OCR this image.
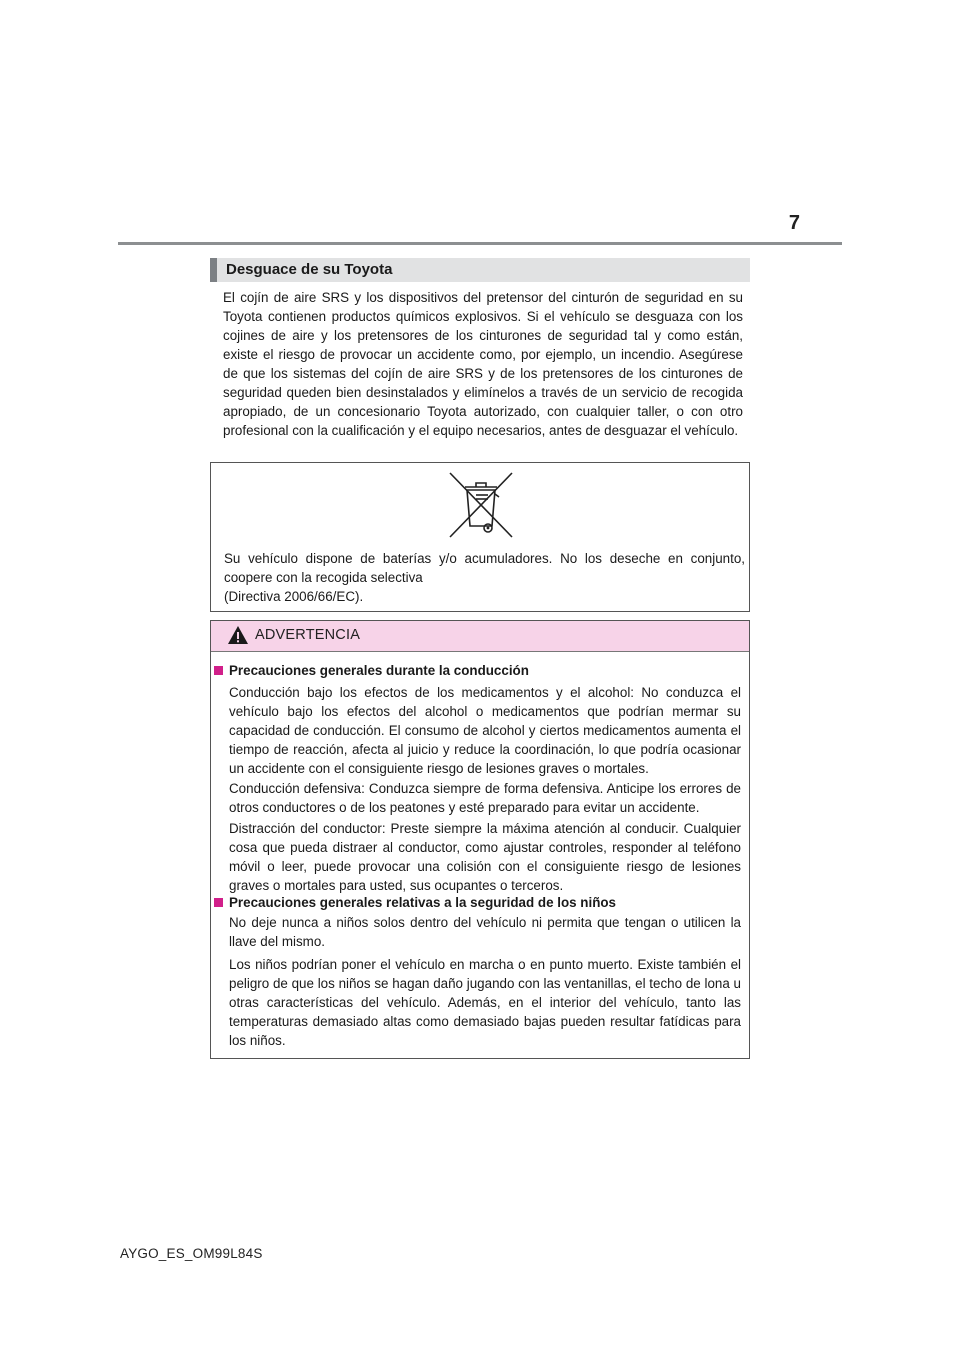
7
Desguace de su Toyota

El cojín de aire SRS y los dispositivos del pretensor del cinturón de seguridad en su Toyota contienen productos químicos explosivos. Si el vehículo se desguaza con los cojines de aire y los pretensores de los cinturones de seguridad tal y como están, existe el riesgo de provocar un accidente como, por ejemplo, un incendio. Asegúrese de que los sistemas del cojín de aire SRS y de los pretensores de los cinturones de seguridad queden bien desinstalados y elimínelos a través de un servicio de recogida apropiado, de un concesionario Toyota autorizado, con cualquier taller, o con otro profesional con la cualificación y el equipo necesarios, antes de desguazar el vehículo.

Su vehículo dispone de baterías y/o acumuladores. No los deseche en conjunto,
coopere con la recogida selectiva
(Directiva 2006/66/EC).

ADVERTENCIA
Precauciones generales durante la conducción

Conducción bajo los efectos de los medicamentos y el alcohol: No conduzca el vehículo bajo los efectos del alcohol o medicamentos que podrían mermar su capacidad de conducción. El consumo de alcohol y ciertos medicamentos aumenta el tiempo de reacción, afecta al juicio y reduce la coordinación, lo que podría ocasionar un accidente con el consiguiente riesgo de lesiones graves o mortales.

Conducción defensiva: Conduzca siempre de forma defensiva. Anticipe los errores de otros conductores o de los peatones y esté preparado para evitar un accidente.

Distracción del conductor: Preste siempre la máxima atención al conducir. Cualquier cosa que pueda distraer al conductor, como ajustar controles, responder al teléfono móvil o leer, puede provocar una colisión con el consiguiente riesgo de lesiones graves o mortales para usted, sus ocupantes o terceros.

Precauciones generales relativas a la seguridad de los niños

No deje nunca a niños solos dentro del vehículo ni permita que tengan o utilicen la llave del mismo.

Los niños podrían poner el vehículo en marcha o en punto muerto. Existe también el peligro de que los niños se hagan daño jugando con las ventanillas, el techo de lona u otras características del vehículo. Además, en el interior del vehículo, tanto las temperaturas demasiado altas como demasiado bajas pueden resultar fatídicas para los niños.

AYGO_ES_OM99L84S
